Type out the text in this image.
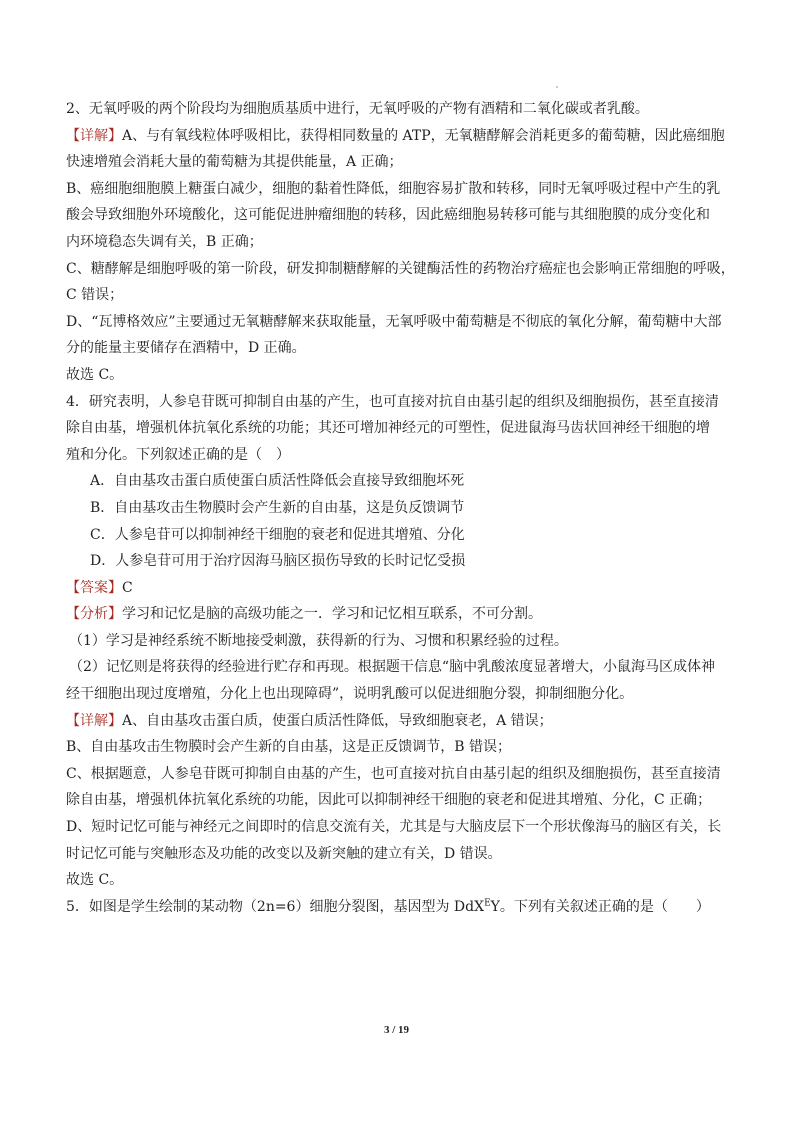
2、无氧呼吸的两个阶段均为细胞质基质中进行，无氧呼吸的产物有酒精和二氧化碳或者乳酸。
【详解】A、与有氧线粒体呼吸相比，获得相同数量的 ATP，无氧糖酵解会消耗更多的葡萄糖，因此癌细胞
快速增殖会消耗大量的葡萄糖为其提供能量，A 正确；
B、癌细胞细胞膜上糖蛋白减少，细胞的黏着性降低，细胞容易扩散和转移，同时无氧呼吸过程中产生的乳
酸会导致细胞外环境酸化，这可能促进肿瘤细胞的转移，因此癌细胞易转移可能与其细胞膜的成分变化和
内环境稳态失调有关，B 正确；
C、糖酵解是细胞呼吸的第一阶段，研发抑制糖酵解的关键酶活性的药物治疗癌症也会影响正常细胞的呼吸，
C 错误；
D、“瓦博格效应”主要通过无氧糖酵解来获取能量，无氧呼吸中葡萄糖是不彻底的氧化分解，葡萄糖中大部
分的能量主要储存在酒精中，D 正确。
故选 C。
4．研究表明，人参皂苷既可抑制自由基的产生，也可直接对抗自由基引起的组织及细胞损伤，甚至直接清
除自由基，增强机体抗氧化系统的功能；其还可增加神经元的可塑性，促进鼠海马齿状回神经干细胞的增
殖和分化。下列叙述正确的是（　）
A．自由基攻击蛋白质使蛋白质活性降低会直接导致细胞坏死
B．自由基攻击生物膜时会产生新的自由基，这是负反馈调节
C．人参皂苷可以抑制神经干细胞的衰老和促进其增殖、分化
D．人参皂苷可用于治疗因海马脑区损伤导致的长时记忆受损
【答案】C
【分析】学习和记忆是脑的高级功能之一．学习和记忆相互联系，不可分割。
（1）学习是神经系统不断地接受刺激，获得新的行为、习惯和积累经验的过程。
（2）记忆则是将获得的经验进行贮存和再现。根据题干信息“脑中乳酸浓度显著增大，小鼠海马区成体神
经干细胞出现过度增殖，分化上也出现障碍”，说明乳酸可以促进细胞分裂，抑制细胞分化。
【详解】A、自由基攻击蛋白质，使蛋白质活性降低，导致细胞衰老，A 错误；
B、自由基攻击生物膜时会产生新的自由基，这是正反馈调节，B 错误；
C、根据题意，人参皂苷既可抑制自由基的产生，也可直接对抗自由基引起的组织及细胞损伤，甚至直接清
除自由基，增强机体抗氧化系统的功能，因此可以抑制神经干细胞的衰老和促进其增殖、分化，C 正确；
D、短时记忆可能与神经元之间即时的信息交流有关，尤其是与大脑皮层下一个形状像海马的脑区有关，长
时记忆可能与突触形态及功能的改变以及新突触的建立有关，D 错误。
故选 C。
5．如图是学生绘制的某动物（2n=6）细胞分裂图，基因型为 DdX$^E$Y。下列有关叙述正确的是（　　）
3 / 19
